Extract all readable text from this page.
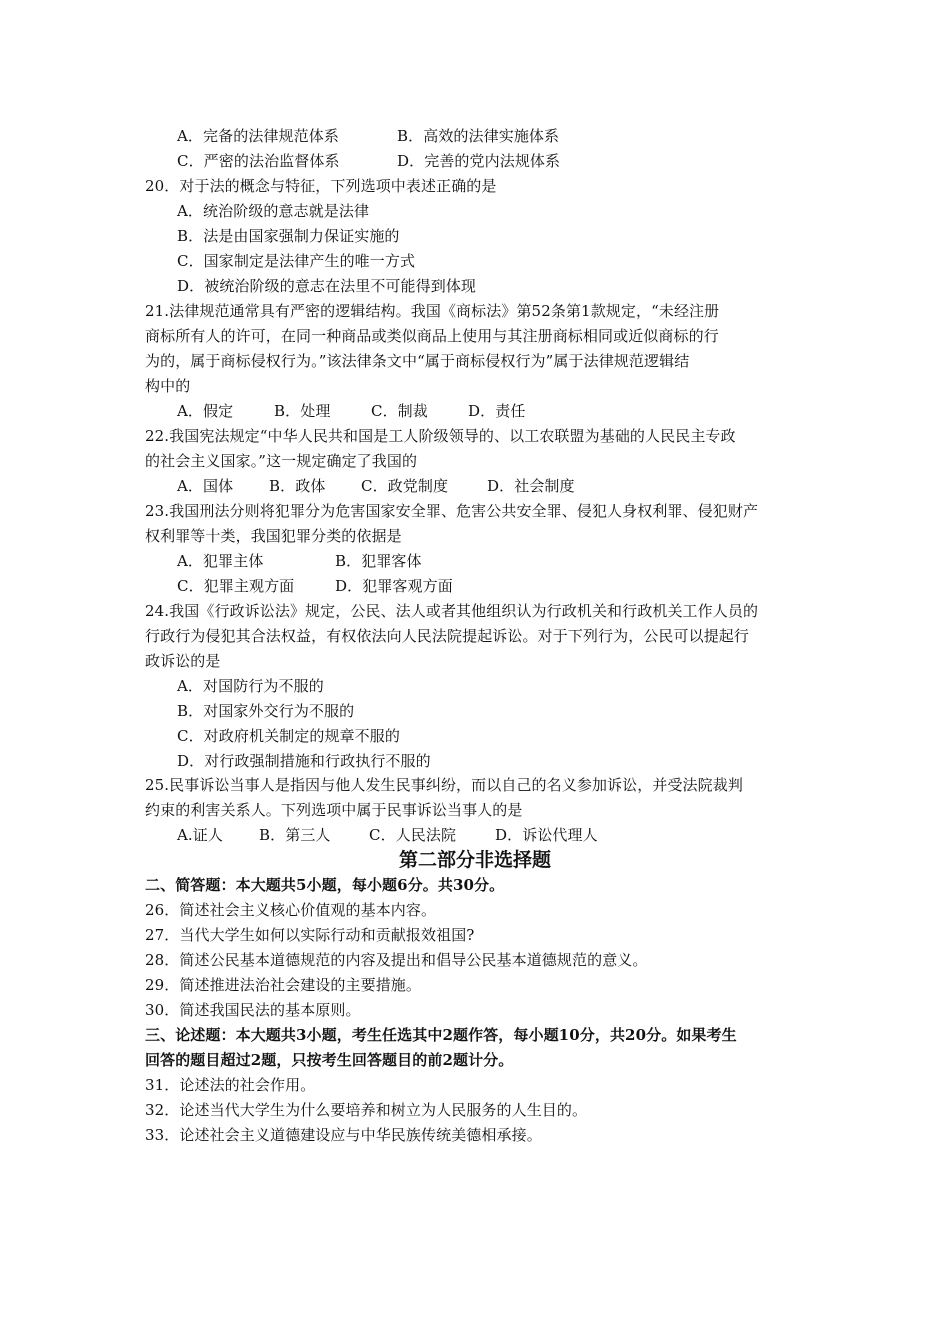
A．完备的法律规范体系	B．高效的法律实施体系
C．严密的法治监督体系	D．完善的党内法规体系
20．对于法的概念与特征，下列选项中表述正确的是
A．统治阶级的意志就是法律
B．法是由国家强制力保证实施的
C．国家制定是法律产生的唯一方式
D．被统治阶级的意志在法里不可能得到体现
21.法律规范通常具有严密的逻辑结构。我国《商标法》第52条第1款规定，“未经注册
商标所有人的许可，在同一种商品或类似商品上使用与其注册商标相同或近似商标的行
为的，属于商标侵权行为。”该法律条文中“属于商标侵权行为”属于法律规范逻辑结
构中的
A．假定	B．处理	C．制裁	D．责任
22.我国宪法规定“中华人民共和国是工人阶级领导的、以工农联盟为基础的人民民主专政
的社会主义国家。”这一规定确定了我国的
A．国体 B．政体 C．政党制度	D．社会制度
23.我国刑法分则将犯罪分为危害国家安全罪、危害公共安全罪、侵犯人身权利罪、侵犯财产
权利罪等十类，我国犯罪分类的依据是
A．犯罪主体	B．犯罪客体
C．犯罪主观方面	D．犯罪客观方面
24.我国《行政诉讼法》规定，公民、法人或者其他组织认为行政机关和行政机关工作人员的
行政行为侵犯其合法权益，有权依法向人民法院提起诉讼。对于下列行为，公民可以提起行
政诉讼的是
A．对国防行为不服的
B．对国家外交行为不服的
C．对政府机关制定的规章不服的
D．对行政强制措施和行政执行不服的
25.民事诉讼当事人是指因与他人发生民事纠纷，而以自己的名义参加诉讼，并受法院裁判
约束的利害关系人。下列选项中属于民事诉讼当事人的是
A.证人 B．第三人	C．人民法院	D．诉讼代理人
第二部分非选择题
二、简答题：本大题共5小题，每小题6分。共30分。
26．简述社会主义核心价值观的基本内容。
27．当代大学生如何以实际行动和贡献报效祖国?
28．简述公民基本道德规范的内容及提出和倡导公民基本道德规范的意义。
29．简述推进法治社会建设的主要措施。
30．简述我国民法的基本原则。
三、论述题：本大题共3小题，考生任选其中2题作答，每小题10分，共20分。如果考生
回答的题目超过2题，只按考生回答题目的前2题计分。
31．论述法的社会作用。
32．论述当代大学生为什么要培养和树立为人民服务的人生目的。
33．论述社会主义道德建设应与中华民族传统美德相承接。
